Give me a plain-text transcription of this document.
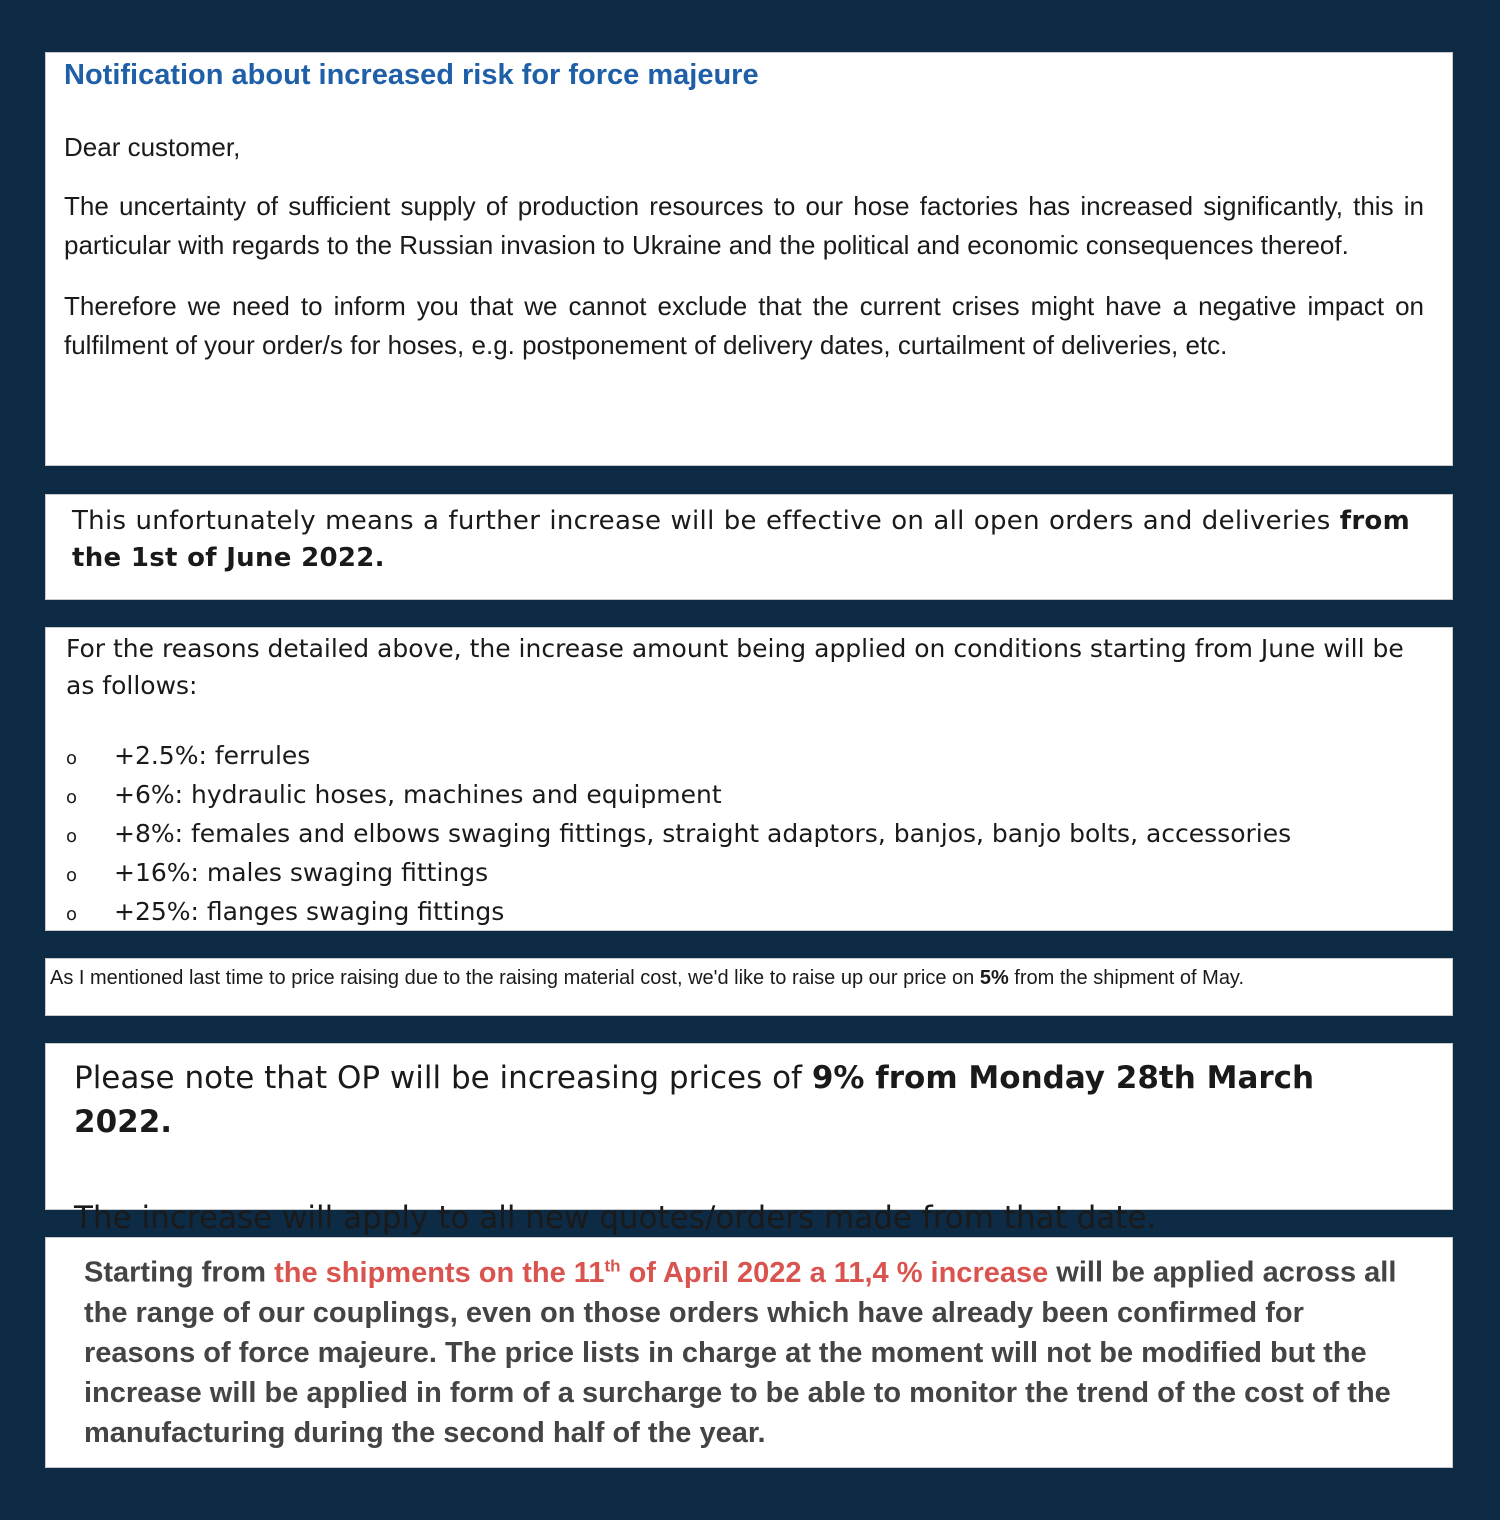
Notification about increased risk for force majeure

Dear customer,

The uncertainty of sufficient supply of production resources to our hose factories has increased significantly, this in particular with regards to the Russian invasion to Ukraine and the political and economic consequences thereof.

Therefore we need to inform you that we cannot exclude that the current crises might have a negative impact on fulfilment of your order/s for hoses, e.g. postponement of delivery dates, curtailment of deliveries, etc.

This unfortunately means a further increase will be effective on all open orders and deliveries from the 1st of June 2022.

For the reasons detailed above, the increase amount being applied on conditions starting from June will be as follows:

o	+2.5%: ferrules
o	+6%: hydraulic hoses, machines and equipment
o	+8%: females and elbows swaging fittings, straight adaptors, banjos, banjo bolts, accessories
o	+16%: males swaging fittings
o	+25%: flanges swaging fittings

As I mentioned last time to price raising due to the raising material cost, we'd like to raise up our price on 5% from the shipment of May.

Please note that OP will be increasing prices of 9% from Monday 28th March 2022.

The increase will apply to all new quotes/orders made from that date.

Starting from the shipments on the 11th of April 2022 a 11,4 % increase will be applied across all the range of our couplings, even on those orders which have already been confirmed for reasons of force majeure. The price lists in charge at the moment will not be modified but the increase will be applied in form of a surcharge to be able to monitor the trend of the cost of the manufacturing during the second half of the year.
